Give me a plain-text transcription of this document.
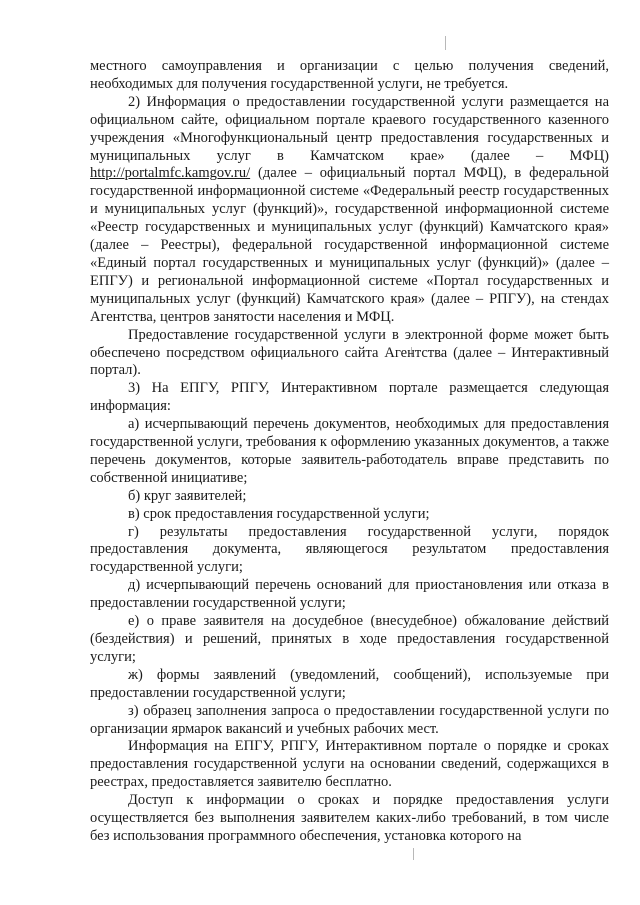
местного самоуправления и организации с целью получения сведений, необходимых для получения государственной услуги, не требуется.

2) Информация о предоставлении государственной услуги размещается на официальном сайте, официальном портале краевого государственного казенного учреждения «Многофункциональный центр предоставления государственных и муниципальных услуг в Камчатском крае» (далее – МФЦ) http://portalmfc.kamgov.ru/ (далее – официальный портал МФЦ), в федеральной государственной информационной системе «Федеральный реестр государственных и муниципальных услуг (функций)», государственной информационной системе «Реестр государственных и муниципальных услуг (функций) Камчатского края» (далее – Реестры), федеральной государственной информационной системе «Единый портал государственных и муниципальных услуг (функций)» (далее – ЕПГУ) и региональной информационной системе «Портал государственных и муниципальных услуг (функций) Камчатского края» (далее – РПГУ), на стендах Агентства, центров занятости населения и МФЦ.

Предоставление государственной услуги в электронной форме может быть обеспечено посредством официального сайта Агентства (далее – Интерактивный портал).

3) На ЕПГУ, РПГУ, Интерактивном портале размещается следующая информация:

а) исчерпывающий перечень документов, необходимых для предоставления государственной услуги, требования к оформлению указанных документов, а также перечень документов, которые заявитель-работодатель вправе представить по собственной инициативе;

б) круг заявителей;

в) срок предоставления государственной услуги;

г) результаты предоставления государственной услуги, порядок предоставления документа, являющегося результатом предоставления государственной услуги;

д) исчерпывающий перечень оснований для приостановления или отказа в предоставлении государственной услуги;

е) о праве заявителя на досудебное (внесудебное) обжалование действий (бездействия) и решений, принятых в ходе предоставления государственной услуги;

ж) формы заявлений (уведомлений, сообщений), используемые при предоставлении государственной услуги;

з) образец заполнения запроса о предоставлении государственной услуги по организации ярмарок вакансий и учебных рабочих мест.

Информация на ЕПГУ, РПГУ, Интерактивном портале о порядке и сроках предоставления государственной услуги на основании сведений, содержащихся в реестрах, предоставляется заявителю бесплатно.

Доступ к информации о сроках и порядке предоставления услуги осуществляется без выполнения заявителем каких-либо требований, в том числе без использования программного обеспечения, установка которого на
